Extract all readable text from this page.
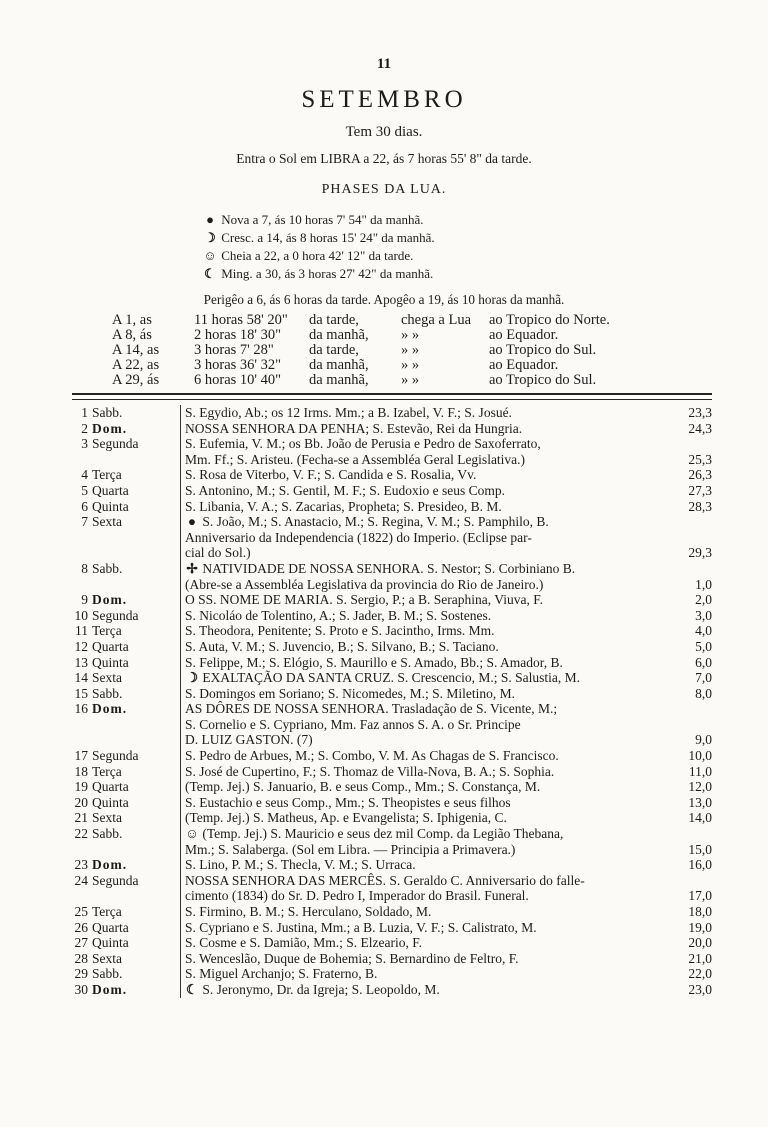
11
SETEMBRO
Tem 30 dias.
Entra o Sol em LIBRA a 22, ás 7 horas 55' 8" da tarde.
PHASES DA LUA.
● Nova a 7, ás 10 horas 7' 54" da manhã.
☽ Cresc. a 14, ás 8 horas 15' 24" da manhã.
☺ Cheia a 22, a 0 hora 42' 12" da tarde.
☾ Ming. a 30, ás 3 horas 27' 42" da manhã.
Perigêo a 6, ás 6 horas da tarde. Apogêo a 19, ás 10 horas da manhã.
A 1, as	11 horas 58' 20" da tarde,	chega a Lua ao Tropico do Norte.
A 8, ás	2 horas 18' 30" da manhã, » »	ao Equador.
A 14, as 3 horas 7' 28" da tarde,	» »	ao Tropico do Sul.
A 22, as 3 horas 36' 32" da manhã, » »	ao Equador.
A 29, ás 6 horas 10' 40" da manhã, » »	ao Tropico do Sul.
1 Sabb.	S. Egydio, Ab.; os 12 Irms. Mm.; a B. Izabel, V. F.; S. Josué.	23,3
2 Dom.	NOSSA SENHORA DA PENHA; S. Estevão, Rei da Hungria.	24,3
3 Segunda	S. Eufemia, V. M.; os Bb. João de Perusia e Pedro de Saxoferrato,
Mm. Ff.; S. Aristeu. (Fecha-se a Assembléa Geral Legislativa.)	25,3
4 Terça	S. Rosa de Viterbo, V. F.; S. Candida e S. Rosalia, Vv.	26,3
5 Quarta	S. Antonino, M.; S. Gentil, M. F.; S. Eudoxio e seus Comp.	27,3
6 Quinta	S. Libania, V. A.; S. Zacarias, Propheta; S. Presideo, B. M.	28,3
7 Sexta	● S. João, M.; S. Anastacio, M.; S. Regina, V. M.; S. Pamphilo, B.
Anniversario da Independencia (1822) do Imperio. (Eclipse par-
cial do Sol.)	29,3
8 Sabb.	✢ NATIVIDADE DE NOSSA SENHORA. S. Nestor; S. Corbiniano B.
(Abre-se a Assembléa Legislativa da provincia do Rio de Janeiro.)	1,0
9 Dom.	O SS. NOME DE MARIA. S. Sergio, P.; a B. Seraphina, Viuva, F.	2,0
10 Segunda	S. Nicoláo de Tolentino, A.; S. Jader, B. M.; S. Sostenes.	3,0
11 Terça	S. Theodora, Penitente; S. Proto e S. Jacintho, Irms. Mm.	4,0
12 Quarta	S. Auta, V. M.; S. Juvencio, B.; S. Silvano, B.; S. Taciano.	5,0
13 Quinta	S. Felippe, M.; S. Elógio, S. Maurillo e S. Amado, Bb.; S. Amador, B.	6,0
14 Sexta	☽ EXALTAÇÃO DA SANTA CRUZ. S. Crescencio, M.; S. Salustia, M.	7,0
15 Sabb.	S. Domingos em Soriano; S. Nicomedes, M.; S. Miletino, M.	8,0
16 Dom.	AS DÔRES DE NOSSA SENHORA. Trasladação de S. Vicente, M.;
S. Cornelio e S. Cypriano, Mm. Faz annos S. A. o Sr. Principe
D. LUIZ GASTON. (7)	9,0
17 Segunda	S. Pedro de Arbues, M.; S. Combo, V. M. As Chagas de S. Francisco.	10,0
18 Terça	S. José de Cupertino, F.; S. Thomaz de Villa-Nova, B. A.; S. Sophia.	11,0
19 Quarta	(Temp. Jej.) S. Januario, B. e seus Comp., Mm.; S. Constança, M.	12,0
20 Quinta	S. Eustachio e seus Comp., Mm.; S. Theopistes e seus filhos	13,0
21 Sexta	(Temp. Jej.) S. Matheus, Ap. e Evangelista; S. Iphigenia, C.	14,0
22 Sabb.	☺ (Temp. Jej.) S. Mauricio e seus dez mil Comp. da Legião Thebana,
Mm.; S. Salaberga. (Sol em Libra. — Principia a Primavera.)	15,0
23 Dom.	S. Lino, P. M.; S. Thecla, V. M.; S. Urraca.	16,0
24 Segunda	NOSSA SENHORA DAS MERCÊS. S. Geraldo C. Anniversario do falle-
cimento (1834) do Sr. D. Pedro I, Imperador do Brasil. Funeral.	17,0
25 Terça	S. Firmino, B. M.; S. Herculano, Soldado, M.	18,0
26 Quarta	S. Cypriano e S. Justina, Mm.; a B. Luzia, V. F.; S. Calistrato, M.	19,0
27 Quinta	S. Cosme e S. Damião, Mm.; S. Elzeario, F.	20,0
28 Sexta	S. Wenceslão, Duque de Bohemia; S. Bernardino de Feltro, F.	21,0
29 Sabb.	S. Miguel Archanjo; S. Fraterno, B.	22,0
30 Dom.	☾ S. Jeronymo, Dr. da Igreja; S. Leopoldo, M.	23,0
